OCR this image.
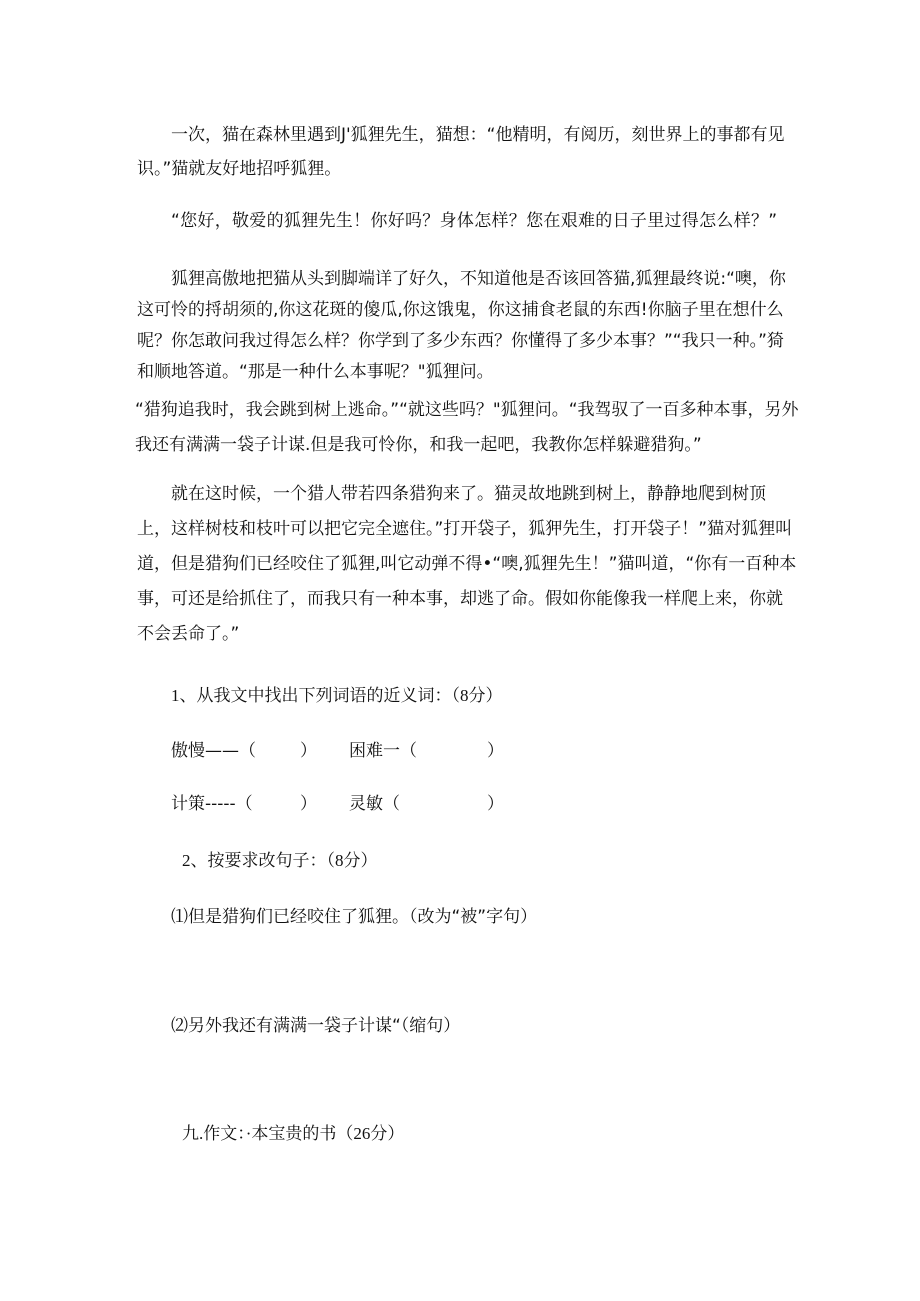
一次，猫在森林里遇到J'狐狸先生，猫想：“他精明，有阅历，刻世界上的事都有见识。”猫就友好地招呼狐狸。

“您好，敬爱的狐狸先生！你好吗？身体怎样？您在艰难的日子里过得怎么样？”

狐狸高傲地把猫从头到脚端详了好久，不知道他是否该回答猫,狐狸最终说:“噢，你这可怜的捋胡须的,你这花斑的傻瓜,你这饿鬼，你这捕食老鼠的东西!你脑子里在想什么呢？你怎敢问我过得怎么样？你学到了多少东西？你懂得了多少本事？”“我只一种。”猗和顺地答道。“那是一种什么本事呢？"狐狸问。

“猎狗追我时，我会跳到树上逃命。”“就这些吗？"狐狸问。“我驾驭了一百多种本事，另外我还有满满一袋子计谋.但是我可怜你，和我一起吧，我教你怎样躲避猎狗。”

就在这时候，一个猎人带若四条猎狗来了。猫灵故地跳到树上，静静地爬到树顶上，这样树枝和枝叶可以把它完全遮住。”打开袋子，狐狎先生，打开袋子！”猫对狐狸叫道，但是猎狗们已经咬住了狐狸,叫它动弹不得•“噢,狐狸先生！”猫叫道，“你有一百种本事，可还是给抓住了，而我只有一种本事，却逃了命。假如你能像我一样爬上来，你就不会丢命了。”

1、从我文中找出下列词语的近义词：（8分）

傲慢——（	） 困难一（	）
计策-----（	） 灵敏（	）

2、按要求改句子：（8分）

⑴但是猎狗们已经咬住了狐狸。（改为“被”字句）

⑵另外我还有满满一袋子计谋“（缩句）

九.作文：·本宝贵的书（26分）
